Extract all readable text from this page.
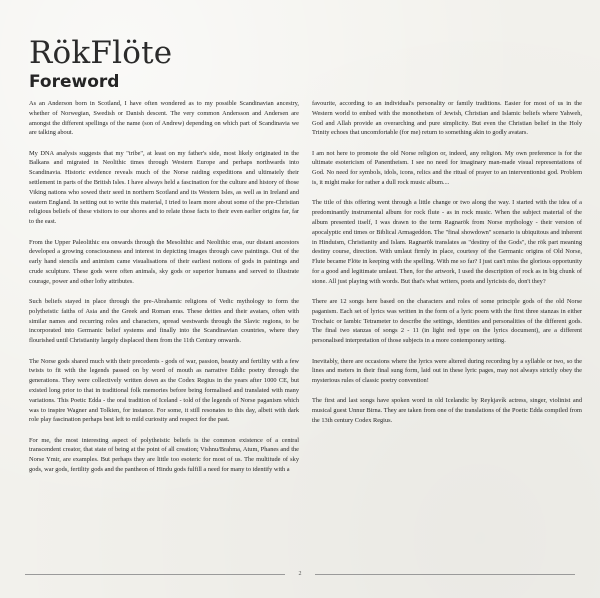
RökFlöte
Foreword

As an Anderson born in Scotland, I have often wondered as to my possible Scandinavian ancestry, whether of Norwegian, Swedish or Danish descent. The very common Andersson and Andersen are amongst the different spellings of the name (son of Andrew) depending on which part of Scandinavia we are talking about.

My DNA analysis suggests that my "tribe", at least on my father's side, most likely originated in the Balkans and migrated in Neolithic times through Western Europe and perhaps northwards into Scandinavia. Historic evidence reveals much of the Norse raiding expeditions and ultimately their settlement in parts of the British Isles. I have always held a fascination for the culture and history of those Viking nations who sowed their seed in northern Scotland and its Western Isles, as well as in Ireland and eastern England. In setting out to write this material, I tried to learn more about some of the pre-Christian religious beliefs of these visitors to our shores and to relate those facts to their even earlier origins far, far to the east.

From the Upper Paleolithic era onwards through the Mesolithic and Neolithic eras, our distant ancestors developed a growing consciousness and interest in depicting images through cave paintings. Out of the early hand stencils and animism came visualisations of their earliest notions of gods in paintings and crude sculpture. These gods were often animals, sky gods or superior humans and served to illustrate courage, power and other lofty attributes.

Such beliefs stayed in place through the pre-Abrahamic religions of Vedic mythology to form the polytheistic faiths of Asia and the Greek and Roman eras. These deities and their avatars, often with similar names and recurring roles and characters, spread westwards through the Slavic regions, to be incorporated into Germanic belief systems and finally into the Scandinavian countries, where they flourished until Christianity largely displaced them from the 11th Century onwards.

The Norse gods shared much with their precedents - gods of war, passion, beauty and fertility with a few twists to fit with the legends passed on by word of mouth as narrative Eddic poetry through the generations. They were collectively written down as the Codex Regius in the years after 1000 CE, but existed long prior to that in traditional folk memories before being formalised and translated with many variations. This Poetic Edda - the oral tradition of Iceland - told of the legends of Norse paganism which was to inspire Wagner and Tolkien, for instance. For some, it still resonates to this day, albeit with dark role play fascination perhaps best left to mild curiosity and respect for the past.

For me, the most interesting aspect of polytheistic beliefs is the common existence of a central transcendent creator, that state of being at the point of all creation; Vishnu/Brahma, Atum, Phanes and the Norse Ymir, are examples. But perhaps they are little too esoteric for most of us. The multitude of sky gods, war gods, fertility gods and the pantheon of Hindu gods fulfill a need for many to identify with a

favourite, according to an individual's personality or family traditions. Easier for most of us in the Western world to embed with the monotheism of Jewish, Christian and Islamic beliefs where Yahweh, God and Allah provide an overarching and pure simplicity. But even the Christian belief in the Holy Trinity echoes that uncomfortable (for me) return to something akin to godly avatars.

I am not here to promote the old Norse religion or, indeed, any religion. My own preference is for the ultimate esotericism of Panentheism. I see no need for imaginary man-made visual representations of God. No need for symbols, idols, icons, relics and the ritual of prayer to an interventionist god. Problem is, it might make for rather a dull rock music album....

The title of this offering went through a little change or two along the way. I started with the idea of a predominantly instrumental album for rock flute - as in rock music. When the subject material of the album presented itself, I was drawn to the term Ragnarök from Norse mythology - their version of apocalyptic end times or Biblical Armageddon. The "final showdown" scenario is ubiquitous and inherent in Hinduism, Christianity and Islam. Ragnarök translates as "destiny of the Gods", the rök part meaning destiny course, direction. With umlaut firmly in place, courtesy of the Germanic origins of Old Norse, Flute became Flöte in keeping with the spelling. With me so far? I just can't miss the glorious opportunity for a good and legitimate umlaut. Then, for the artwork, I used the description of rock as in big chunk of stone. All just playing with words. But that's what writers, poets and lyricists do, don't they?

There are 12 songs here based on the characters and roles of some principle gods of the old Norse paganism. Each set of lyrics was written in the form of a lyric poem with the first three stanzas in either Trochaic or Iambic Tetrameter to describe the settings, identities and personalities of the different gods. The final two stanzas of songs 2 - 11 (in light red type on the lyrics document), are a different personalised interpretation of those subjects in a more contemporary setting.

Inevitably, there are occasions where the lyrics were altered during recording by a syllable or two, so the lines and meters in their final sung form, laid out in these lyric pages, may not always strictly obey the mysterious rules of classic poetry convention!

The first and last songs have spoken word in old Icelandic by Reykjavík actress, singer, violinist and musical guest Unnur Birna. They are taken from one of the translations of the Poetic Edda compiled from the 13th century Codex Regius.

2
